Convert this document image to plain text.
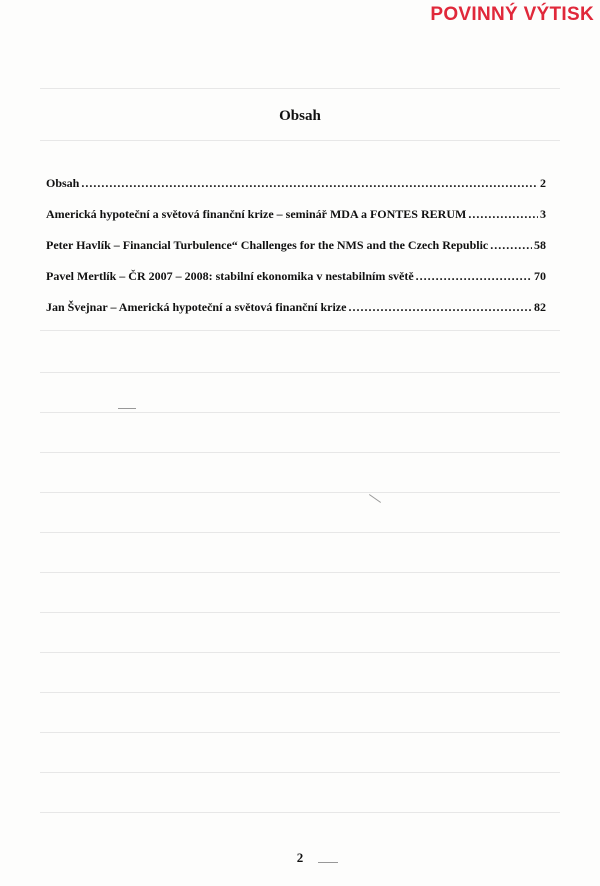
POVINNÝ VÝTISK
Obsah
Obsah .....	2
Americká hypoteční a světová finanční krize – seminář MDA a FONTES RERUM .....	3
Peter Havlík – Financial Turbulence“ Challenges for the NMS and the Czech Republic .....	58
Pavel Mertlík – ČR 2007 – 2008: stabilní ekonomika v nestabilním světě .....	70
Jan Švejnar – Americká hypoteční a světová finanční krize .....	82
2
